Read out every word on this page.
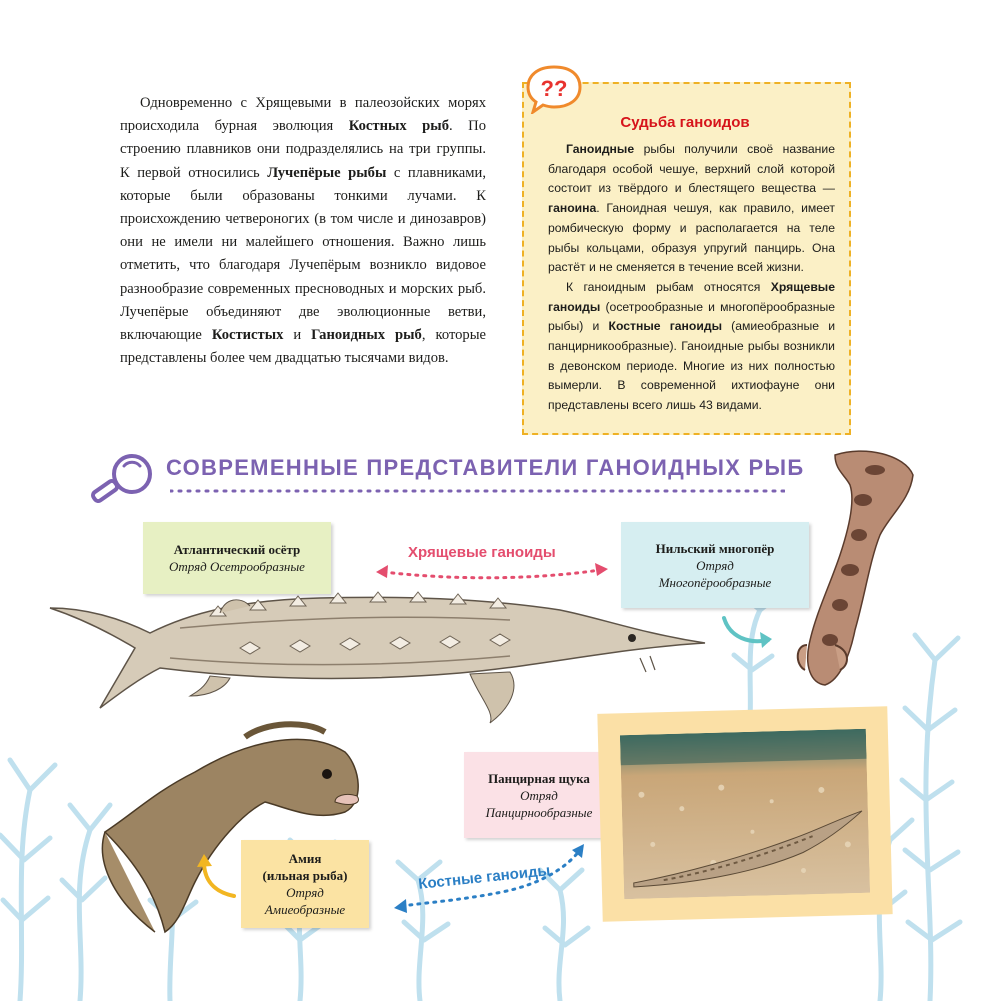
Одновременно с Хрящевыми в палеозойских морях происходила бурная эволюция Костных рыб. По строению плавников они подразделялись на три группы. К первой относились Лучепёрые рыбы с плавниками, которые были образованы тонкими лучами. К происхождению четвероногих (в том числе и динозавров) они не имели ни малейшего отношения. Важно лишь отметить, что благодаря Лучепёрым возникло видовое разнообразие современных пресноводных и морских рыб. Лучепёрые объединяют две эволюционные ветви, включающие Костистых и Ганоидных рыб, которые представлены более чем двадцатью тысячами видов.

??
Судьба ганоидов

Ганоидные рыбы получили своё название благодаря особой чешуе, верхний слой которой состоит из твёрдого и блестящего вещества — ганоина. Ганоидная чешуя, как правило, имеет ромбическую форму и располагается на теле рыбы кольцами, образуя упругий панцирь. Она растёт и не сменяется в течение всей жизни.

К ганоидным рыбам относятся Хрящевые ганоиды (осетрообразные и многопёрообразные рыбы) и Костные ганоиды (амиеобразные и панцирникообразные). Ганоидные рыбы возникли в девонском периоде. Многие из них полностью вымерли. В современной ихтиофауне они представлены всего лишь 43 видами.

СОВРЕМЕННЫЕ ПРЕДСТАВИТЕЛИ ГАНОИДНЫХ РЫБ
Атлантический осётр
Отряд Осетрообразные
Нильский многопёр
Отряд
Многопёрообразные
Панцирная щука
Отряд
Панцирнообразные
Амия
(ильная рыба)
Отряд
Амиеобразные
Хрящевые ганоиды
Костные ганоиды
